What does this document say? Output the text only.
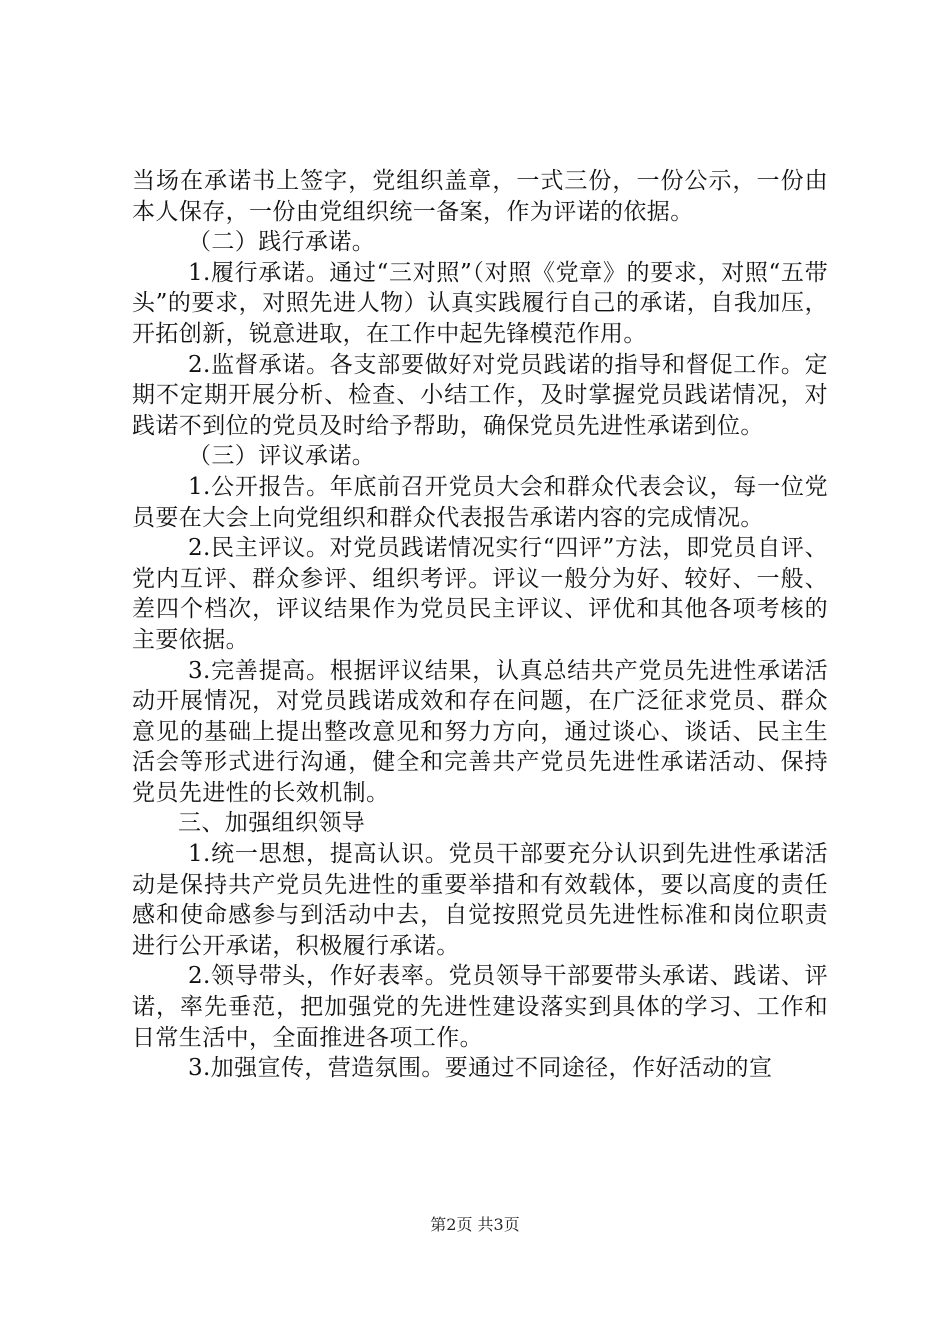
当场在承诺书上签字，党组织盖章，一式三份，一份公示，一份由本人保存，一份由党组织统一备案，作为评诺的依据。

（二）践行承诺。

1.履行承诺。通过“三对照”（对照《党章》的要求，对照“五带头”的要求，对照先进人物）认真实践履行自己的承诺，自我加压，开拓创新，锐意进取，在工作中起先锋模范作用。

2.监督承诺。各支部要做好对党员践诺的指导和督促工作。定期不定期开展分析、检查、小结工作，及时掌握党员践诺情况，对践诺不到位的党员及时给予帮助，确保党员先进性承诺到位。

（三）评议承诺。

1.公开报告。年底前召开党员大会和群众代表会议，每一位党员要在大会上向党组织和群众代表报告承诺内容的完成情况。

2.民主评议。对党员践诺情况实行“四评”方法，即党员自评、党内互评、群众参评、组织考评。评议一般分为好、较好、一般、差四个档次，评议结果作为党员民主评议、评优和其他各项考核的主要依据。

3.完善提高。根据评议结果，认真总结共产党员先进性承诺活动开展情况，对党员践诺成效和存在问题，在广泛征求党员、群众意见的基础上提出整改意见和努力方向，通过谈心、谈话、民主生活会等形式进行沟通，健全和完善共产党员先进性承诺活动、保持党员先进性的长效机制。

三、加强组织领导

1.统一思想，提高认识。党员干部要充分认识到先进性承诺活动是保持共产党员先进性的重要举措和有效载体，要以高度的责任感和使命感参与到活动中去，自觉按照党员先进性标准和岗位职责进行公开承诺，积极履行承诺。

2.领导带头，作好表率。党员领导干部要带头承诺、践诺、评诺，率先垂范，把加强党的先进性建设落实到具体的学习、工作和日常生活中，全面推进各项工作。

3.加强宣传，营造氛围。要通过不同途径，作好活动的宣

第2页 共3页
